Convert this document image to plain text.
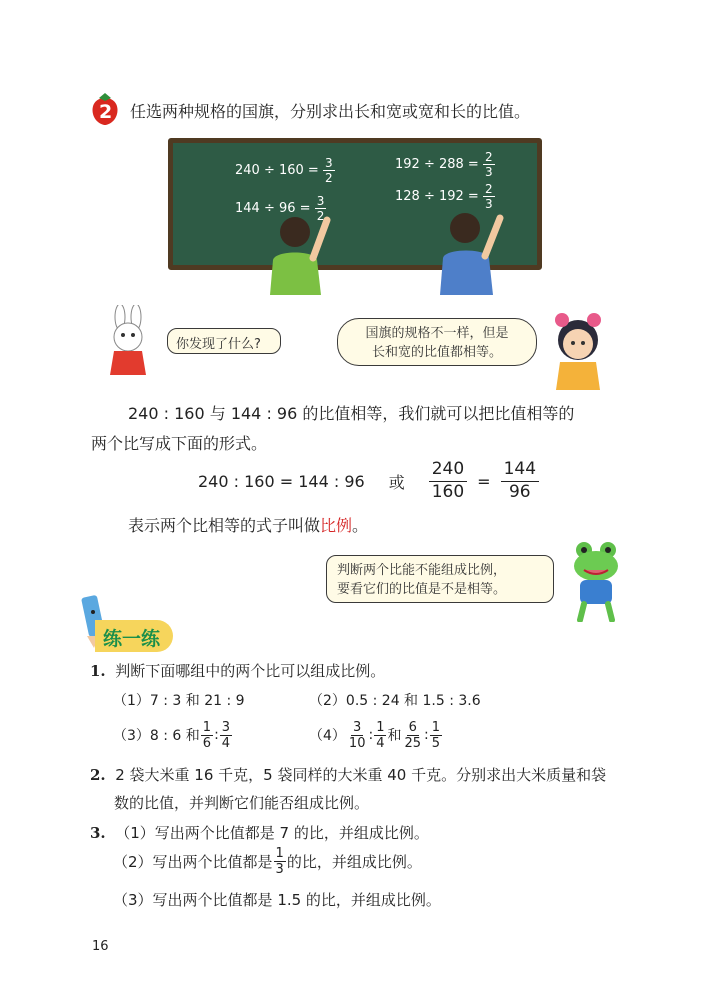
2 任选两种规格的国旗，分别求出长和宽或宽和长的比值。
$240 \div 160 = \frac{3}{2}$
$144 \div 96 = \frac{3}{2}$
$192 \div 288 = \frac{2}{3}$
$128 \div 192 = \frac{2}{3}$
你发现了什么?
国旗的规格不一样，但是
长和宽的比值都相等。
240 : 160 与 144 : 96 的比值相等，我们就可以把比值相等的
两个比写成下面的形式。
240 : 160 = 144 : 96 或 $\frac{240}{160} = \frac{144}{96}$
表示两个比相等的式子叫做比例。
判断两个比能不能组成比例，
要看它们的比值是不是相等。
练一练
1. 判断下面哪组中的两个比可以组成比例。
（1）7 : 3 和 21 : 9	（2）0.5 : 24 和 1.5 : 3.6
（3）8 : 6 和 $\frac{1}{6}$ : $\frac{3}{4}$	$(4) \frac{3}{10}$ : $\frac{1}{4}$ 和 $\frac{6}{25}$ : $\frac{1}{5}$
2. 2 袋大米重 16 千克，5 袋同样的大米重 40 千克。分别求出大米质量和袋
数的比值，并判断它们能否组成比例。
3. （1）写出两个比值都是 7 的比，并组成比例。
（2）写出两个比值都是 $\frac{1}{3}$ 的比，并组成比例。
（3）写出两个比值都是 1.5 的比，并组成比例。
16
